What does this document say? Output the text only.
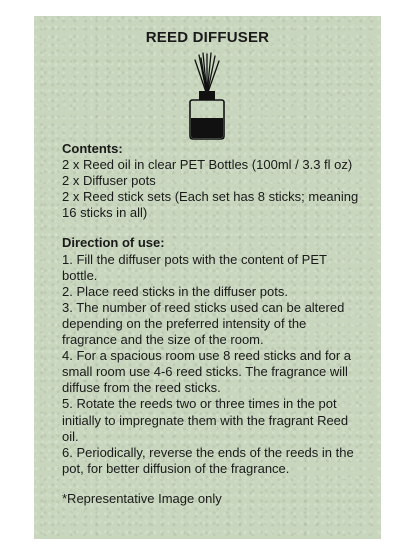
REED DIFFUSER
Contents:
2 x Reed oil in clear PET Bottles (100ml / 3.3 fl oz)
2 x Diffuser pots
2 x Reed stick sets (Each set has 8 sticks; meaning 16 sticks in all)
Direction of use:
1. Fill the diffuser pots with the content of PET bottle.
2. Place reed sticks in the diffuser pots.
3. The number of reed sticks used can be altered depending on the preferred intensity of the fragrance and the size of the room.
4. For a spacious room use 8 reed sticks and for a small room use 4-6 reed sticks. The fragrance will diffuse from the reed sticks.
5. Rotate the reeds two or three times in the pot initially to impregnate them with the fragrant Reed oil.
6. Periodically, reverse the ends of the reeds in the pot, for better diffusion of the fragrance.
*Representative Image only
